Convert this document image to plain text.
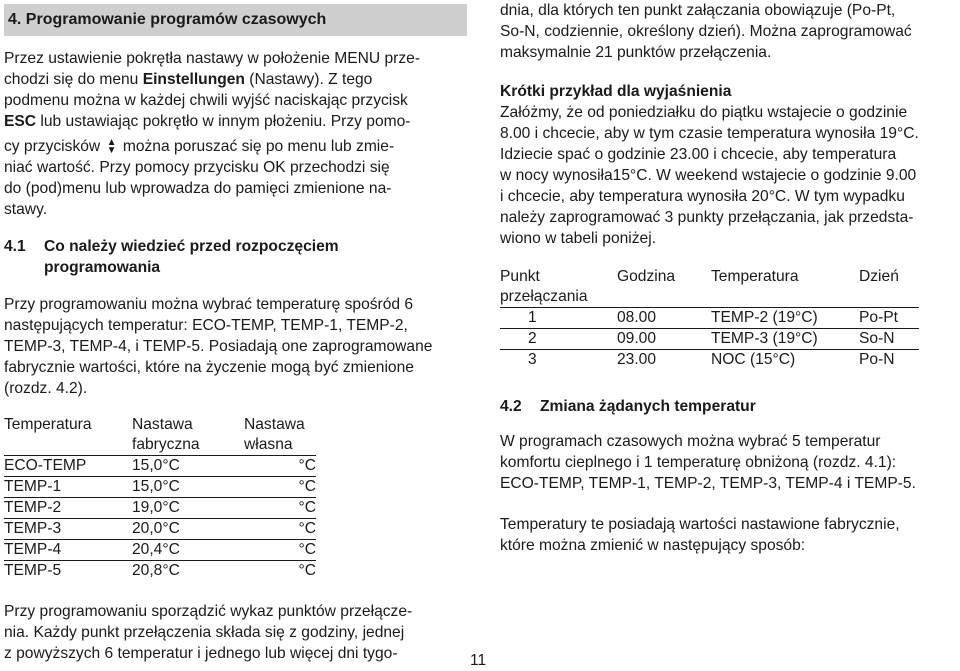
4. Programowanie programów czasowych
Przez ustawienie pokrętła nastawy w położenie MENU prze-
chodzi się do menu Einstellungen (Nastawy). Z tego
podmenu można w każdej chwili wyjść naciskając przycisk
ESC lub ustawiając pokrętło w innym płożeniu. Przy pomo-
cy przycisków ▲
▼ można poruszać się po menu lub zmie-
niać wartość. Przy pomocy przycisku OK przechodzi się
do (pod)menu lub wprowadza do pamięci zmienione na-
stawy.
4.1 Co należy wiedzieć przed rozpoczęciem
programowania
Przy programowaniu można wybrać temperaturę spośród 6
następujących temperatur: ECO-TEMP, TEMP-1, TEMP-2,
TEMP-3, TEMP-4, i TEMP-5. Posiadają one zaprogramowane
fabrycznie wartości, które na życzenie mogą być zmienione
(rozdz. 4.2).
Temperatura	Nastawa	Nastawa
	fabryczna	własna
ECO-TEMP	15,0°C	°C
TEMP-1	15,0°C	°C
TEMP-2	19,0°C	°C
TEMP-3	20,0°C	°C
TEMP-4	20,4°C	°C
TEMP-5	20,8°C	°C
Przy programowaniu sporządzić wykaz punktów przełącze-
nia. Każdy punkt przełączenia składa się z godziny, jednej
z powyższych 6 temperatur i jednego lub więcej dni tygo-
dnia, dla których ten punkt załączania obowiązuje (Po-Pt,
So-N, codziennie, określony dzień). Można zaprogramować
maksymalnie 21 punktów przełączenia.
Krótki przykład dla wyjaśnienia
Załóżmy, że od poniedziałku do piątku wstajecie o godzinie
8.00 i chcecie, aby w tym czasie temperatura wynosiła 19°C.
Idziecie spać o godzinie 23.00 i chcecie, aby temperatura
w nocy wynosiła15°C. W weekend wstajecie o godzinie 9.00
i chcecie, aby temperatura wynosiła 20°C. W tym wypadku
należy zaprogramować 3 punkty przełączania, jak przedsta-
wiono w tabeli poniżej.
Punkt	Godzina	Temperatura	Dzień
przełączania			
1	08.00	TEMP-2 (19°C)	Po-Pt
2	09.00	TEMP-3 (19°C)	So-N
3	23.00	NOC (15°C)	Po-N
4.2 Zmiana żądanych temperatur
W programach czasowych można wybrać 5 temperatur
komfortu cieplnego i 1 temperaturę obniżoną (rozdz. 4.1):
ECO-TEMP, TEMP-1, TEMP-2, TEMP-3, TEMP-4 i TEMP-5.
Temperatury te posiadają wartości nastawione fabrycznie,
które można zmienić w następujący sposób:
11
